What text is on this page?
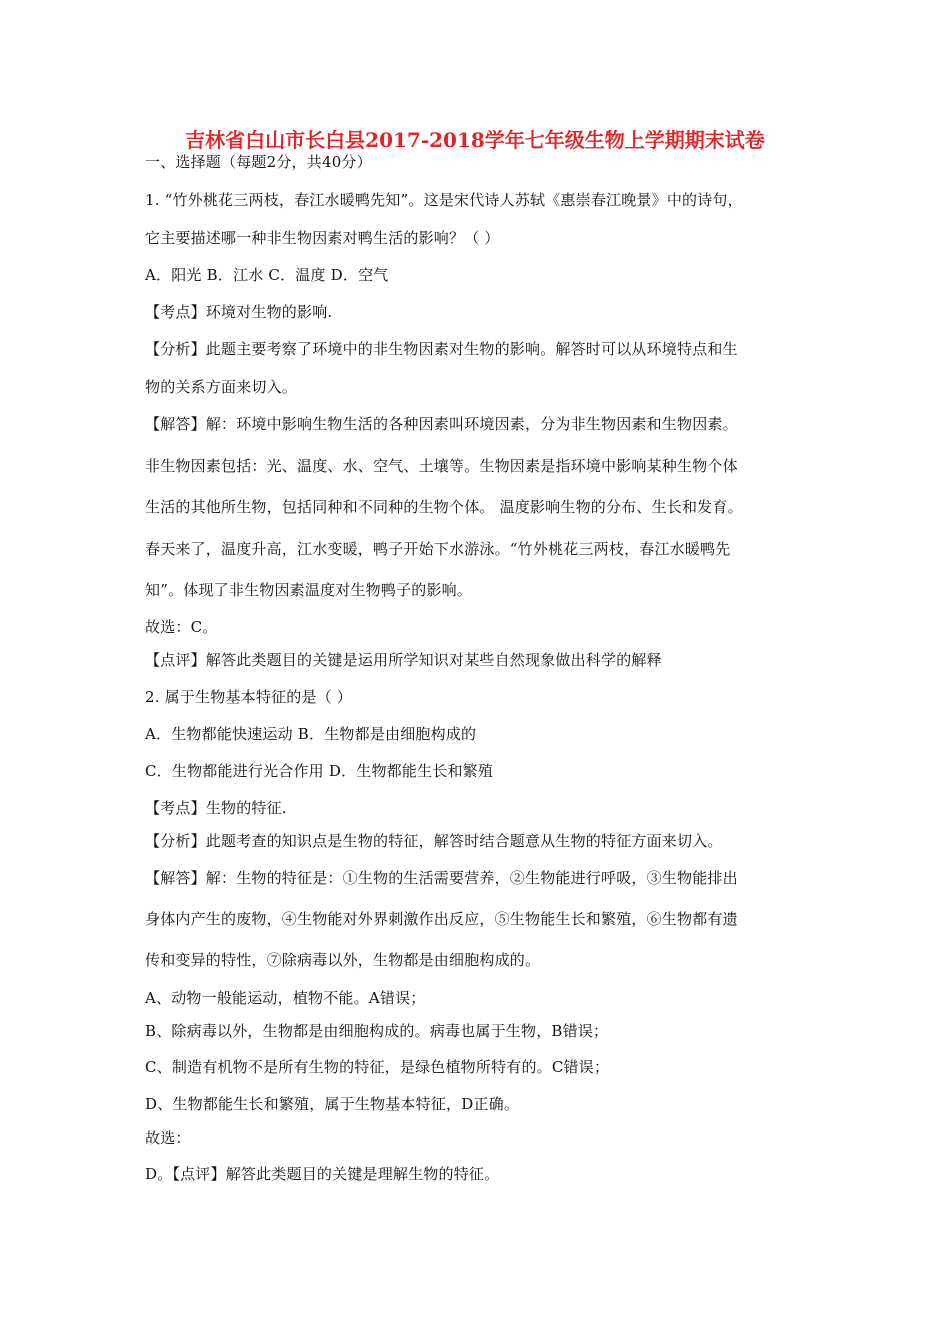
吉林省白山市长白县2017-2018学年七年级生物上学期期末试卷
一、选择题（每题2分，共40分）
1. “竹外桃花三两枝，春江水暖鸭先知”。这是宋代诗人苏轼《惠崇春江晚景》中的诗句，
它主要描述哪一种非生物因素对鸭生活的影响？（ ）
A．阳光 B．江水 C．温度 D．空气
【考点】环境对生物的影响.
【分析】此题主要考察了环境中的非生物因素对生物的影响。解答时可以从环境特点和生
物的关系方面来切入。
【解答】解：环境中影响生物生活的各种因素叫环境因素，分为非生物因素和生物因素。
非生物因素包括：光、温度、水、空气、土壤等。生物因素是指环境中影响某种生物个体
生活的其他所生物，包括同种和不同种的生物个体。 温度影响生物的分布、生长和发育。
春天来了，温度升高，江水变暖，鸭子开始下水游泳。“竹外桃花三两枝，春江水暖鸭先
知”。体现了非生物因素温度对生物鸭子的影响。
故选：C。
【点评】解答此类题目的关键是运用所学知识对某些自然现象做出科学的解释
2. 属于生物基本特征的是（ ）
A．生物都能快速运动 B．生物都是由细胞构成的
C．生物都能进行光合作用 D．生物都能生长和繁殖
【考点】生物的特征.
【分析】此题考查的知识点是生物的特征，解答时结合题意从生物的特征方面来切入。
【解答】解：生物的特征是：①生物的生活需要营养，②生物能进行呼吸，③生物能排出
身体内产生的废物，④生物能对外界刺激作出反应，⑤生物能生长和繁殖，⑥生物都有遗
传和变异的特性，⑦除病毒以外，生物都是由细胞构成的。
A、动物一般能运动，植物不能。A错误；
B、除病毒以外，生物都是由细胞构成的。病毒也属于生物，B错误；
C、制造有机物不是所有生物的特征，是绿色植物所特有的。C错误；
D、生物都能生长和繁殖，属于生物基本特征，D正确。
故选：
D。【点评】解答此类题目的关键是理解生物的特征。
